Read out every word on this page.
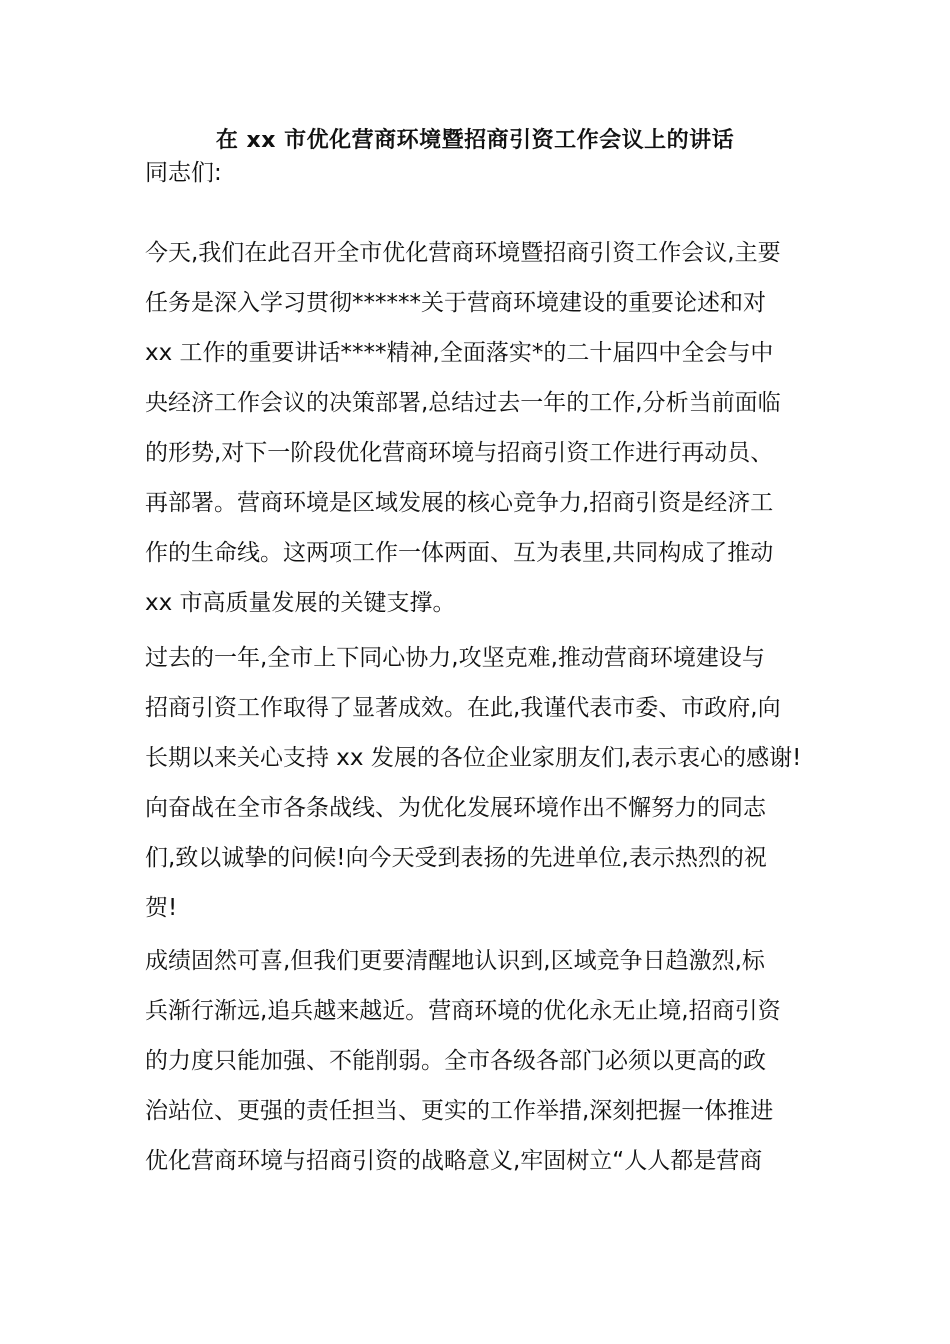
在 xx 市优化营商环境暨招商引资工作会议上的讲话
同志们:
今天,我们在此召开全市优化营商环境暨招商引资工作会议,主要
任务是深入学习贯彻******关于营商环境建设的重要论述和对
xx 工作的重要讲话****精神,全面落实*的二十届四中全会与中
央经济工作会议的决策部署,总结过去一年的工作,分析当前面临
的形势,对下一阶段优化营商环境与招商引资工作进行再动员、
再部署。营商环境是区域发展的核心竞争力,招商引资是经济工
作的生命线。这两项工作一体两面、互为表里,共同构成了推动
xx 市高质量发展的关键支撑。
过去的一年,全市上下同心协力,攻坚克难,推动营商环境建设与
招商引资工作取得了显著成效。在此,我谨代表市委、市政府,向
长期以来关心支持 xx 发展的各位企业家朋友们,表示衷心的感谢!
向奋战在全市各条战线、为优化发展环境作出不懈努力的同志
们,致以诚挚的问候!向今天受到表扬的先进单位,表示热烈的祝
贺!
成绩固然可喜,但我们更要清醒地认识到,区域竞争日趋激烈,标
兵渐行渐远,追兵越来越近。营商环境的优化永无止境,招商引资
的力度只能加强、不能削弱。全市各级各部门必须以更高的政
治站位、更强的责任担当、更实的工作举措,深刻把握一体推进
优化营商环境与招商引资的战略意义,牢固树立“人人都是营商
